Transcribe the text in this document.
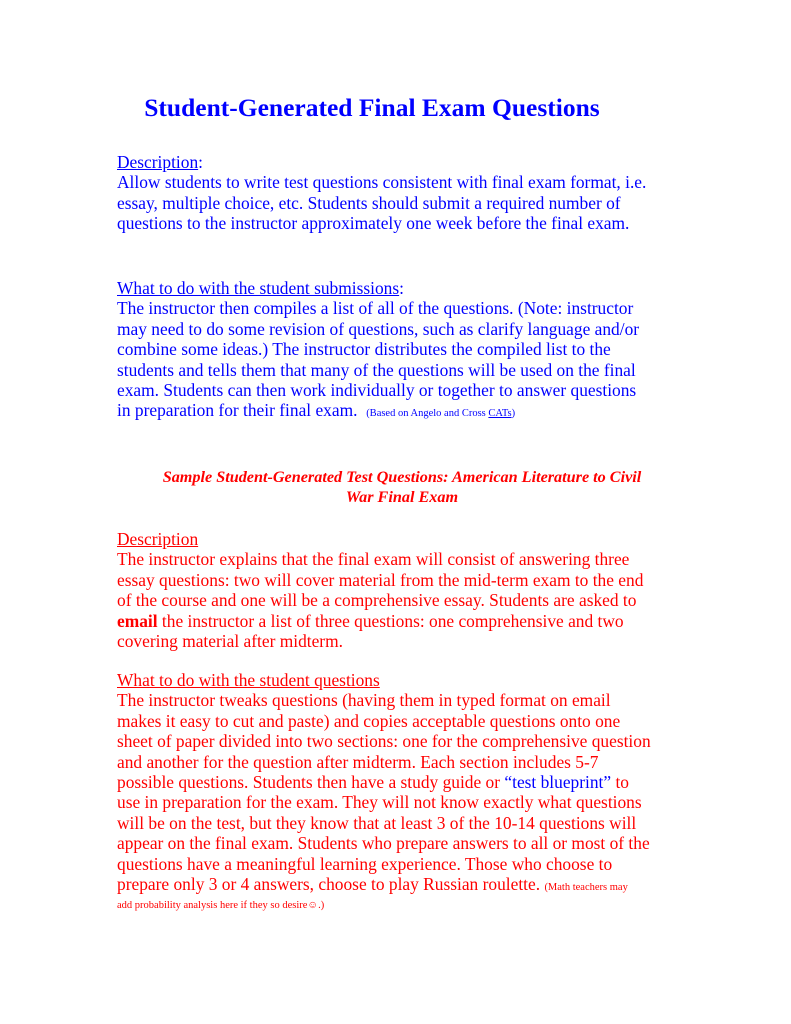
Student-Generated Final Exam Questions
Description:
Allow students to write test questions consistent with final exam format, i.e.
essay, multiple choice, etc. Students should submit a required number of
questions to the instructor approximately one week before the final exam.
What to do with the student submissions:
The instructor then compiles a list of all of the questions. (Note: instructor
may need to do some revision of questions, such as clarify language and/or
combine some ideas.) The instructor distributes the compiled list to the
students and tells them that many of the questions will be used on the final
exam. Students can then work individually or together to answer questions
in preparation for their final exam. (Based on Angelo and Cross CATs)
Sample Student-Generated Test Questions: American Literature to Civil
War Final Exam
Description
The instructor explains that the final exam will consist of answering three
essay questions: two will cover material from the mid-term exam to the end
of the course and one will be a comprehensive essay. Students are asked to
email the instructor a list of three questions: one comprehensive and two
covering material after midterm.
What to do with the student questions
The instructor tweaks questions (having them in typed format on email
makes it easy to cut and paste) and copies acceptable questions onto one
sheet of paper divided into two sections: one for the comprehensive question
and another for the question after midterm. Each section includes 5-7
possible questions. Students then have a study guide or “test blueprint” to
use in preparation for the exam. They will not know exactly what questions
will be on the test, but they know that at least 3 of the 10-14 questions will
appear on the final exam. Students who prepare answers to all or most of the
questions have a meaningful learning experience. Those who choose to
prepare only 3 or 4 answers, choose to play Russian roulette. (Math teachers may
add probability analysis here if they so desire☺.)
